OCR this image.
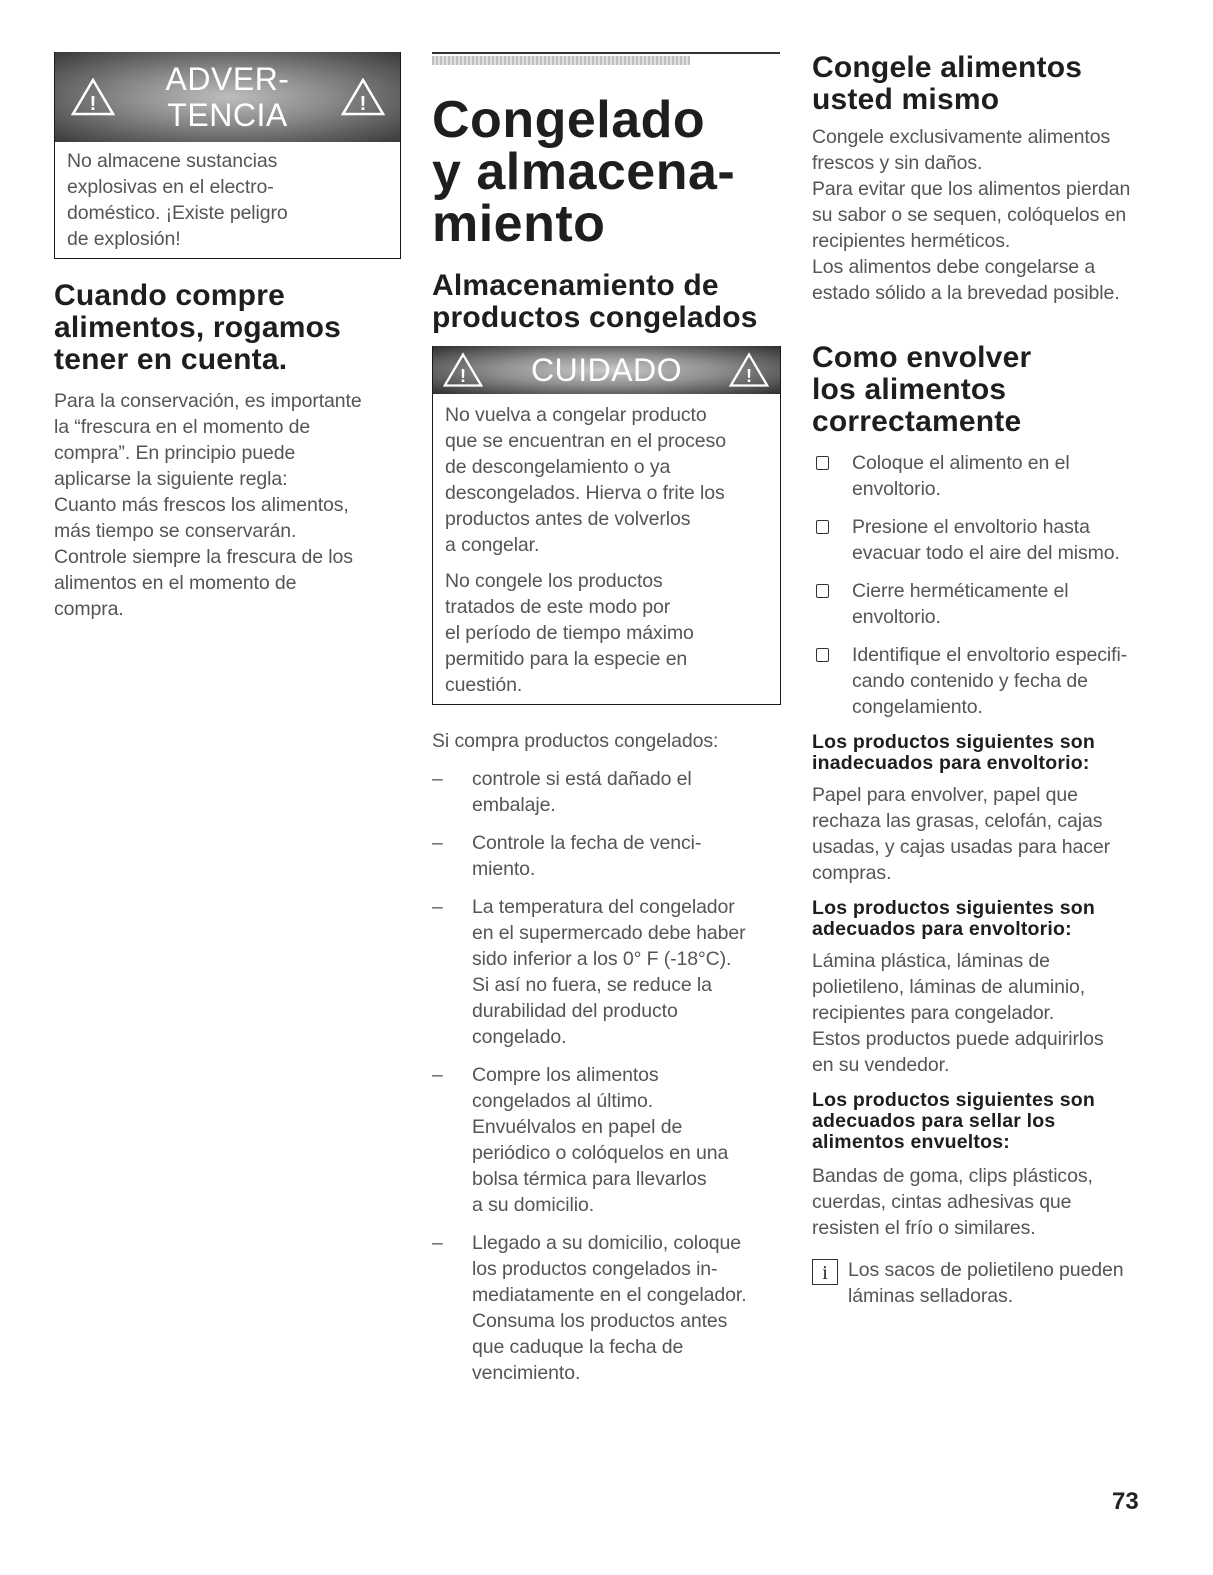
!
ADVER-
TENCIA	!
No almacene sustancias
explosivas en el electro-
doméstico. ¡Existe peligro
de explosión!
Cuando compre
alimentos, rogamos
tener en cuenta.
Para la conservación, es importante
la “frescura en el momento de
compra”. En principio puede
aplicarse la siguiente regla:
Cuanto más frescos los alimentos,
más tiempo se conservarán.
Controle siempre la frescura de los
alimentos en el momento de
compra.
Congelado
y almacena-
miento
Almacenamiento de
productos congelados
! CUIDADO	!
No vuelva a congelar producto
que se encuentran en el proceso
de descongelamiento o ya
descongelados. Hierva o frite los
productos antes de volverlos
a congelar.
No congele los productos
tratados de este modo por
el período de tiempo máximo
permitido para la especie en
cuestión.

Si compra productos congelados:

– controle si está dañado el
embalaje.
– Controle la fecha de venci-
miento.
– La temperatura del congelador
en el supermercado debe haber
sido inferior a los 0° F (-18°C).
Si así no fuera, se reduce la
durabilidad del producto
congelado.
– Compre los alimentos
congelados al último.
Envuélvalos en papel de
periódico o colóquelos en una
bolsa térmica para llevarlos
a su domicilio.
– Llegado a su domicilio, coloque
los productos congelados in-
mediatamente en el congelador.
Consuma los productos antes
que caduque la fecha de
vencimiento.
Congele alimentos
usted mismo
Congele exclusivamente alimentos
frescos y sin daños.
Para evitar que los alimentos pierdan
su sabor o se sequen, colóquelos en
recipientes herméticos.
Los alimentos debe congelarse a
estado sólido a la brevedad posible.
Como envolver
los alimentos
correctamente
Coloque el alimento en el
envoltorio.
Presione el envoltorio hasta
evacuar todo el aire del mismo.
Cierre herméticamente el
envoltorio.
Identifique el envoltorio especifi-
cando contenido y fecha de
congelamiento.
Los productos siguientes son
inadecuados para envoltorio:
Papel para envolver, papel que
rechaza las grasas, celofán, cajas
usadas, y cajas usadas para hacer
compras.
Los productos siguientes son
adecuados para envoltorio:
Lámina plástica, láminas de
polietileno, láminas de aluminio,
recipientes para congelador.
Estos productos puede adquirirlos
en su vendedor.
Los productos siguientes son
adecuados para sellar los
alimentos envueltos:
Bandas de goma, clips plásticos,
cuerdas, cintas adhesivas que
resisten el frío o similares.
i	Los sacos de polietileno pueden
láminas selladoras.
73
